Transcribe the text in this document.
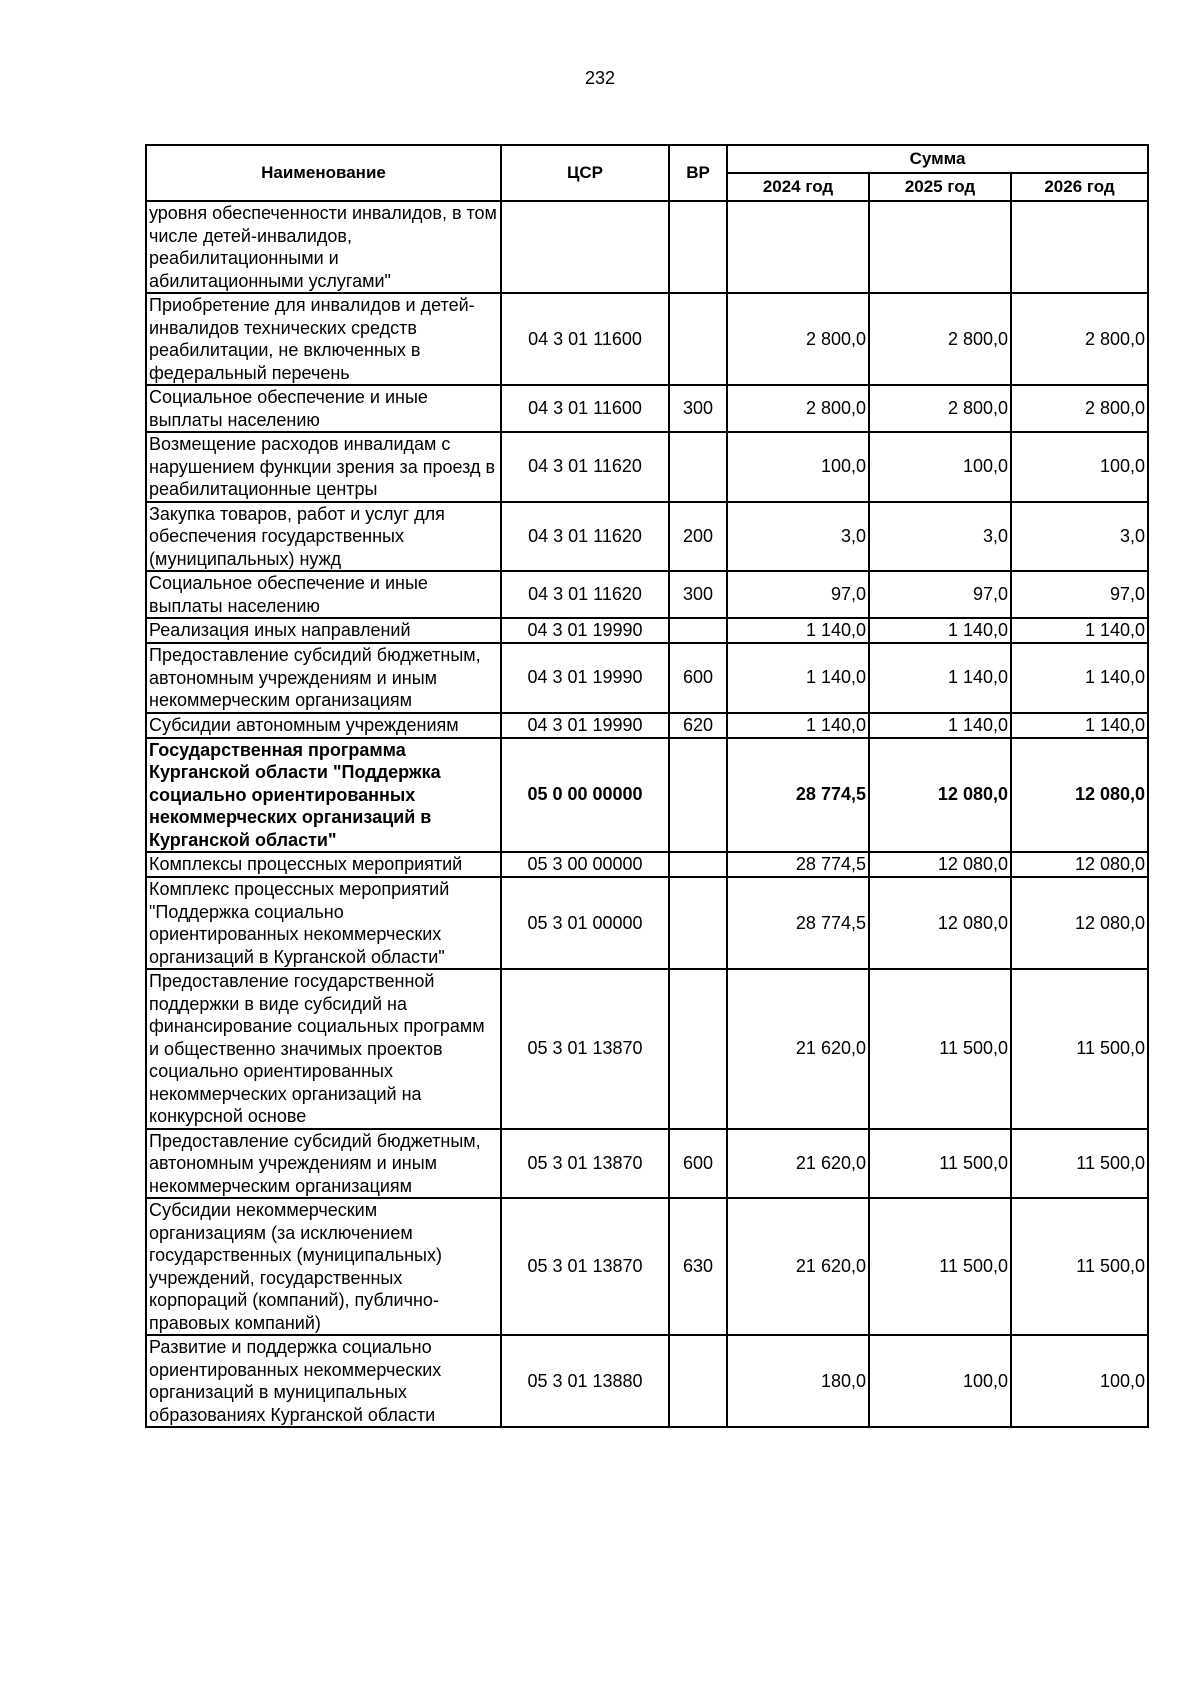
232
Наименование	ЦСР	ВР	Сумма		
			2024 год	2025 год	2026 год
уровня обеспеченности инвалидов, в том числе детей-инвалидов, реабилитационными и абилитационными услугами"					
Приобретение для инвалидов и детей-инвалидов технических средств реабилитации, не включенных в федеральный перечень	04 3 01 11600		2 800,0	2 800,0	2 800,0
Социальное обеспечение и иные выплаты населению	04 3 01 11600	300	2 800,0	2 800,0	2 800,0
Возмещение расходов инвалидам с нарушением функции зрения за проезд в реабилитационные центры	04 3 01 11620		100,0	100,0	100,0
Закупка товаров, работ и услуг для обеспечения государственных (муниципальных) нужд	04 3 01 11620	200	3,0	3,0	3,0
Социальное обеспечение и иные выплаты населению	04 3 01 11620	300	97,0	97,0	97,0
Реализация иных направлений	04 3 01 19990		1 140,0	1 140,0	1 140,0
Предоставление субсидий бюджетным, автономным учреждениям и иным некоммерческим организациям	04 3 01 19990	600	1 140,0	1 140,0	1 140,0
Субсидии автономным учреждениям	04 3 01 19990	620	1 140,0	1 140,0	1 140,0
Государственная программа Курганской области "Поддержка социально ориентированных некоммерческих организаций в Курганской области"	05 0 00 00000		28 774,5	12 080,0	12 080,0
Комплексы процессных мероприятий	05 3 00 00000		28 774,5	12 080,0	12 080,0
Комплекс процессных мероприятий "Поддержка социально ориентированных некоммерческих организаций в Курганской области"	05 3 01 00000		28 774,5	12 080,0	12 080,0
Предоставление государственной поддержки в виде субсидий на финансирование социальных программ и общественно значимых проектов социально ориентированных некоммерческих организаций на конкурсной основе	05 3 01 13870		21 620,0	11 500,0	11 500,0
Предоставление субсидий бюджетным, автономным учреждениям и иным некоммерческим организациям	05 3 01 13870	600	21 620,0	11 500,0	11 500,0
Субсидии некоммерческим организациям (за исключением государственных (муниципальных) учреждений, государственных корпораций (компаний), публично-правовых компаний)	05 3 01 13870	630	21 620,0	11 500,0	11 500,0
Развитие и поддержка социально ориентированных некоммерческих организаций в муниципальных образованиях Курганской области	05 3 01 13880		180,0	100,0	100,0
